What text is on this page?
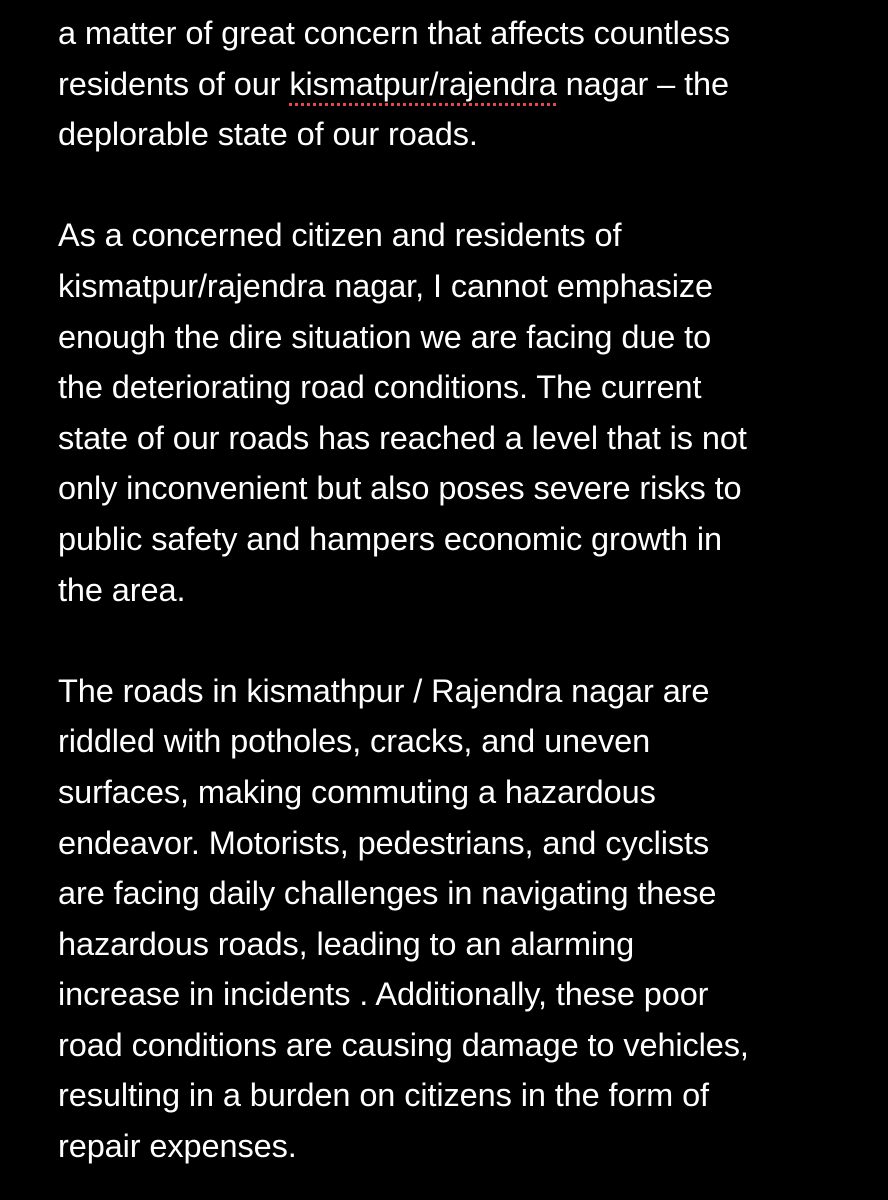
a matter of great concern that affects countless
residents of our kismatpur/rajendra nagar – the
deplorable state of our roads.
As a concerned citizen and residents of
kismatpur/rajendra nagar, I cannot emphasize
enough the dire situation we are facing due to
the deteriorating road conditions. The current
state of our roads has reached a level that is not
only inconvenient but also poses severe risks to
public safety and hampers economic growth in
the area.
The roads in kismathpur / Rajendra nagar are
riddled with potholes, cracks, and uneven
surfaces, making commuting a hazardous
endeavor. Motorists, pedestrians, and cyclists
are facing daily challenges in navigating these
hazardous roads, leading to an alarming
increase in incidents . Additionally, these poor
road conditions are causing damage to vehicles,
resulting in a burden on citizens in the form of
repair expenses.
